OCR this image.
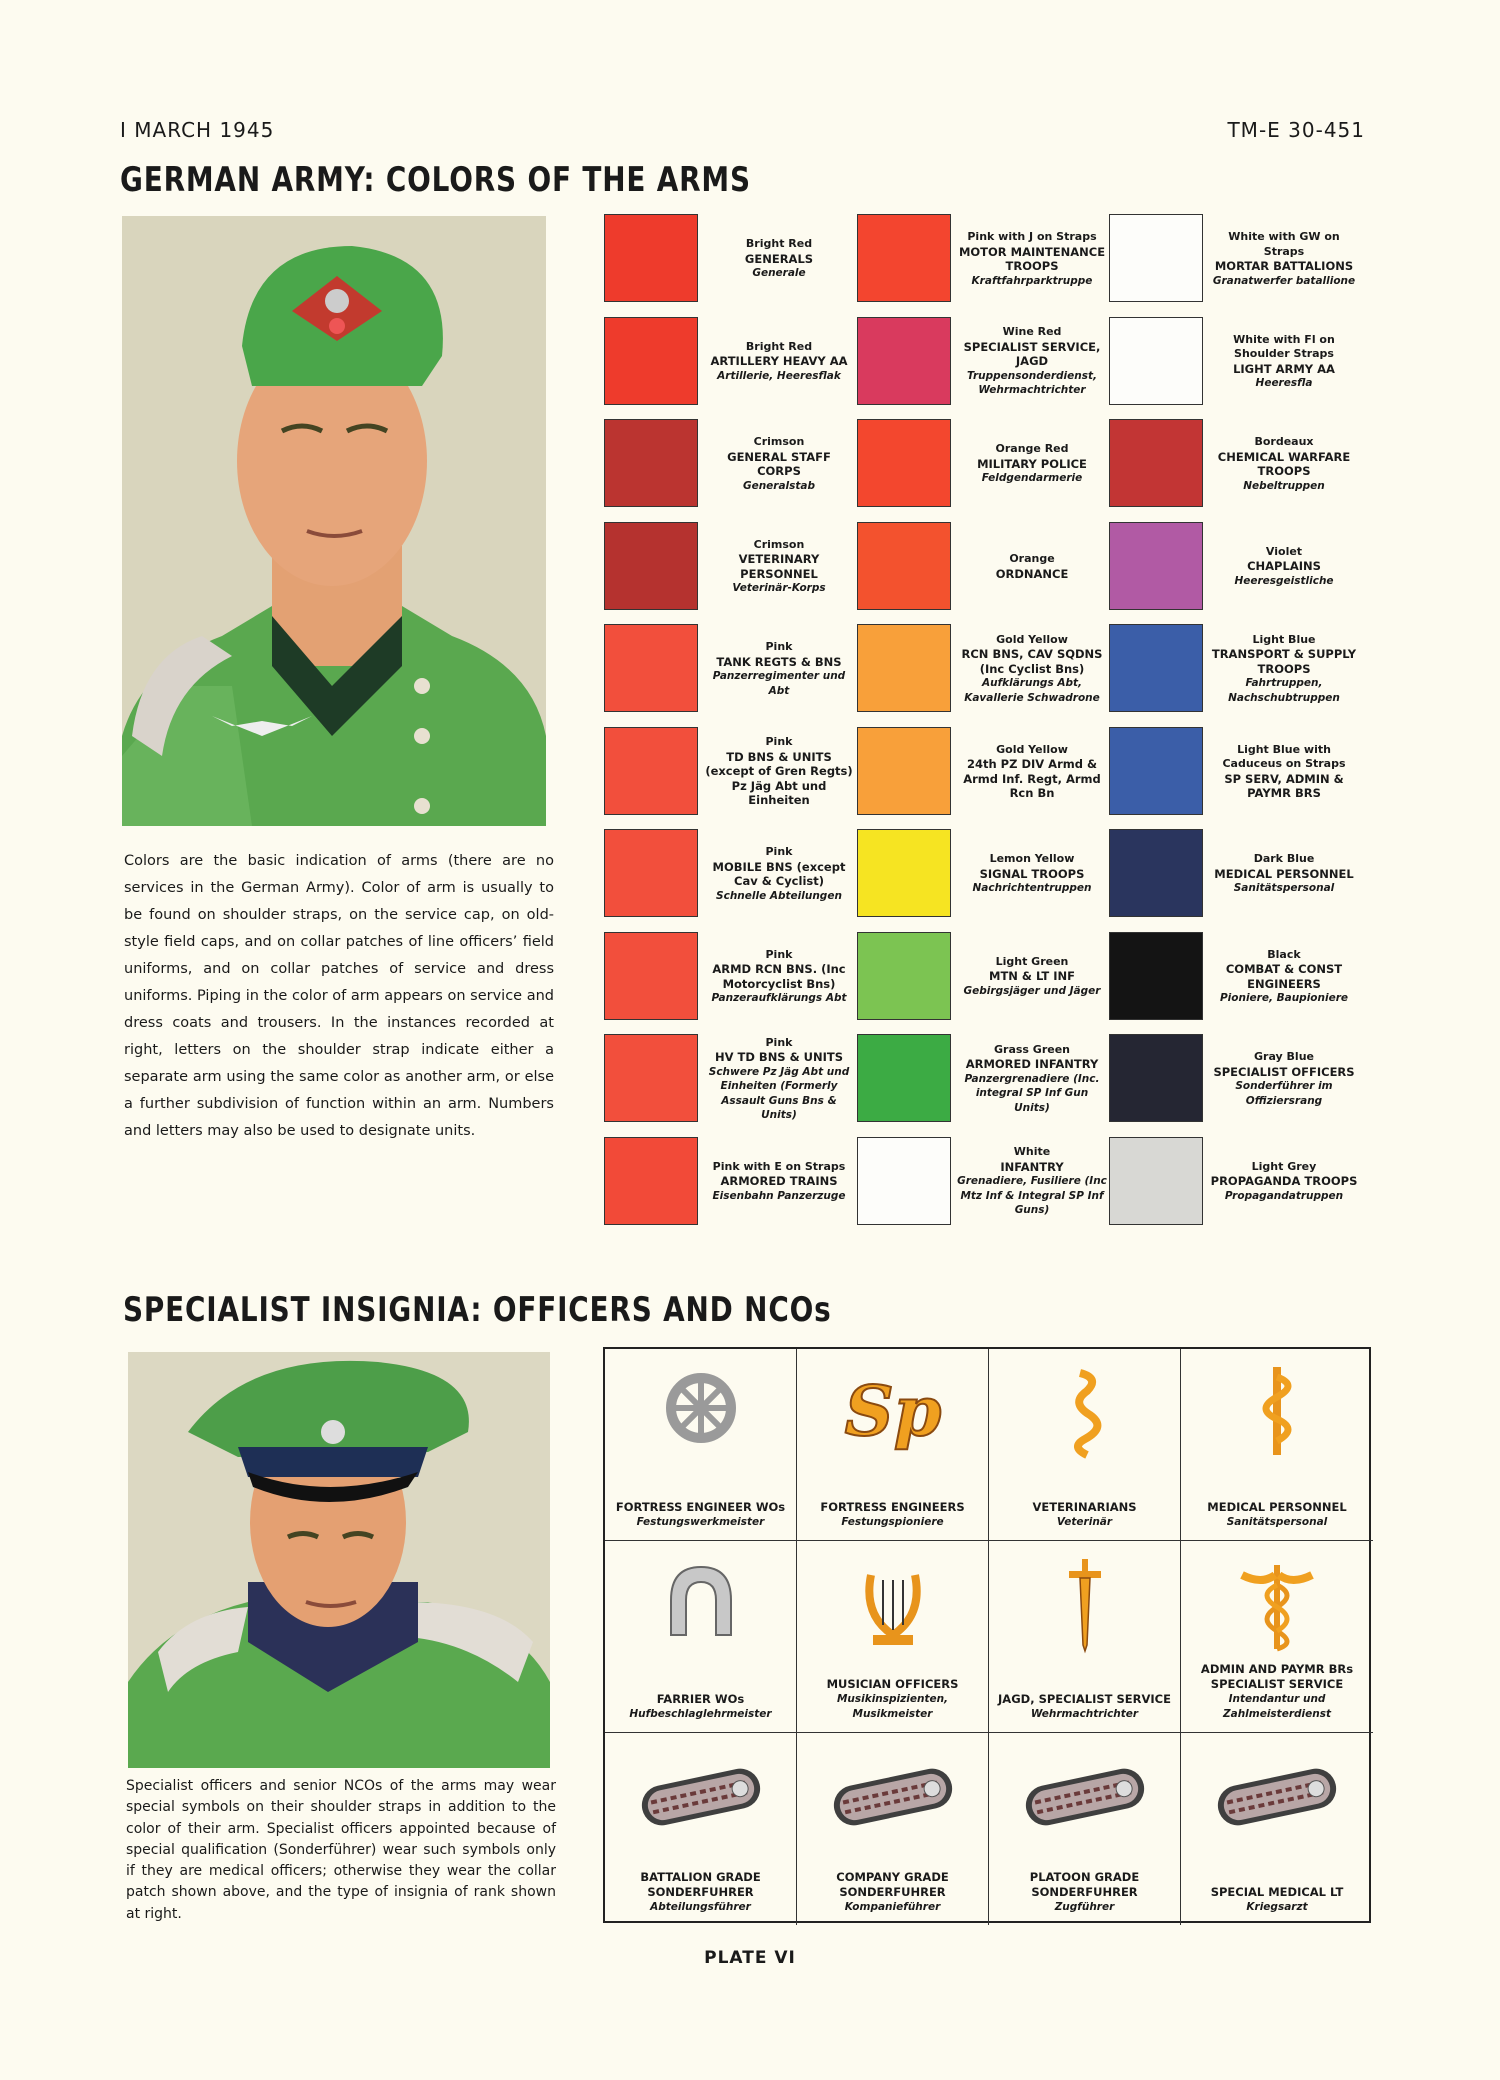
I MARCH 1945	TM-E 30-451
GERMAN ARMY: COLORS OF THE ARMS
Colors are the basic indication of arms (there are no services in the German Army). Color of arm is usually to be found on shoulder straps, on the service cap, on old-style field caps, and on collar patches of line officers’ field uniforms, and on collar patches of service and dress uniforms. Piping in the color of arm appears on service and dress coats and trousers. In the instances recorded at right, letters on the shoulder strap indicate either a separate arm using the same color as another arm, or else a further subdivision of function within an arm. Numbers and letters may also be used to designate units.
Bright Red
GENERALS
Generale
Bright Red
ARTILLERY HEAVY AA
Artillerie, Heeresflak
Crimson
GENERAL STAFF CORPS
Generalstab
Crimson
VETERINARY PERSONNEL
Veterinär-Korps
Pink
TANK REGTS & BNS
Panzerregimenter und Abt
Pink
TD BNS & UNITS (except of Gren Regts) Pz Jäg Abt und Einheiten
Pink
MOBILE BNS (except Cav & Cyclist)
Schnelle Abteilungen
Pink
ARMD RCN BNS. (Inc Motorcyclist Bns)
Panzeraufklärungs Abt
Pink
HV TD BNS & UNITS
Schwere Pz Jäg Abt und Einheiten (Formerly Assault Guns Bns & Units)
Pink with E on Straps
ARMORED TRAINS
Eisenbahn Panzerzuge
Pink with J on Straps
MOTOR MAINTENANCE TROOPS
Kraftfahrparktruppe
Wine Red
SPECIALIST SERVICE, JAGD
Truppensonderdienst, Wehrmachtrichter
Orange Red
MILITARY POLICE
Feldgendarmerie
Orange
ORDNANCE
Gold Yellow
RCN BNS, CAV SQDNS (Inc Cyclist Bns)
Aufklärungs Abt, Kavallerie Schwadrone
Gold Yellow
24th PZ DIV Armd & Armd Inf. Regt, Armd Rcn Bn
Lemon Yellow
SIGNAL TROOPS
Nachrichtentruppen
Light Green
MTN & LT INF
Gebirgsjäger und Jäger
Grass Green
ARMORED INFANTRY
Panzergrenadiere (Inc. integral SP Inf Gun Units)
White
INFANTRY
Grenadiere, Fusiliere (Inc Mtz Inf & Integral SP Inf Guns)
White with GW on Straps
MORTAR BATTALIONS
Granatwerfer batallione
White with Fl on Shoulder Straps
LIGHT ARMY AA
Heeresfla
Bordeaux
CHEMICAL WARFARE TROOPS
Nebeltruppen
Violet
CHAPLAINS
Heeresgeistliche
Light Blue
TRANSPORT & SUPPLY TROOPS
Fahrtruppen, Nachschubtruppen
Light Blue with Caduceus on Straps
SP SERV, ADMIN & PAYMR BRS
Dark Blue
MEDICAL PERSONNEL
Sanitätspersonal
Black
COMBAT & CONST ENGINEERS
Pioniere, Baupioniere
Gray Blue
SPECIALIST OFFICERS
Sonderführer im Offiziersrang
Light Grey
PROPAGANDA TROOPS
Propagandatruppen
SPECIALIST INSIGNIA: OFFICERS AND NCOs
Specialist officers and senior NCOs of the arms may wear special symbols on their shoulder straps in addition to the color of their arm. Specialist officers appointed because of special qualification (Sonderführer) wear such symbols only if they are medical officers; otherwise they wear the collar patch shown above, and the type of insignia of rank shown at right.
FORTRESS ENGINEER WOs
Festungswerkmeister
Sp
FORTRESS ENGINEERS
Festungspioniere
VETERINARIANS
Veterinär
MEDICAL PERSONNEL
Sanitätspersonal
FARRIER WOs
Hufbeschlaglehrmeister
MUSICIAN OFFICERS
Musikinspizienten, Musikmeister
JAGD, SPECIALIST SERVICE
Wehrmachtrichter
ADMIN AND PAYMR BRs SPECIALIST SERVICE
Intendantur und Zahlmeisterdienst
BATTALION GRADE SONDERFUHRER
Abteilungsführer
COMPANY GRADE SONDERFUHRER
Kompanieführer
PLATOON GRADE SONDERFUHRER
Zugführer
SPECIAL MEDICAL LT
Kriegsarzt
PLATE VI
